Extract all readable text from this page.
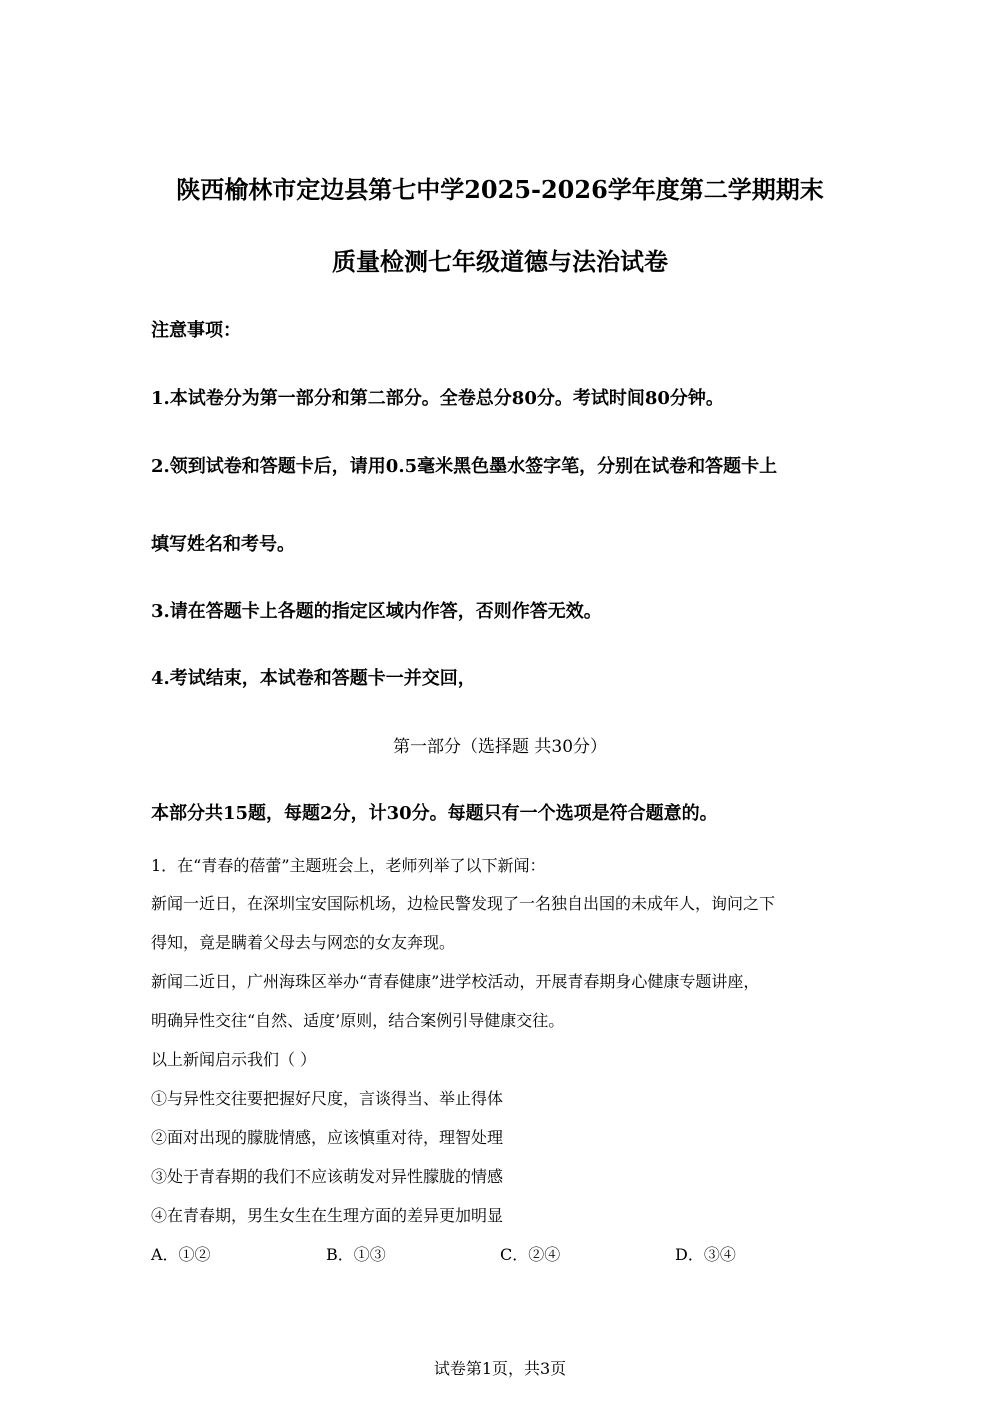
陕西榆林市定边县第七中学2025-2026学年度第二学期期末
质量检测七年级道德与法治试卷
注意事项：
1.本试卷分为第一部分和第二部分。全卷总分80分。考试时间80分钟。
2.领到试卷和答题卡后，请用0.5毫米黑色墨水签字笔，分别在试卷和答题卡上
填写姓名和考号。
3.请在答题卡上各题的指定区域内作答，否则作答无效。
4.考试结束，本试卷和答题卡一并交回，
第一部分（选择题 共30分）
本部分共15题，每题2分，计30分。每题只有一个选项是符合题意的。
1．在“青春的蓓蕾”主题班会上，老师列举了以下新闻：
新闻一近日，在深圳宝安国际机场，边检民警发现了一名独自出国的未成年人，询问之下
得知，竟是瞒着父母去与网恋的女友奔现。
新闻二近日，广州海珠区举办“青春健康”进学校活动，开展青春期身心健康专题讲座，
明确异性交往“自然、适度’原则，结合案例引导健康交往。
以上新闻启示我们（ ）
①与异性交往要把握好尺度，言谈得当、举止得体
②面对出现的朦胧情感，应该慎重对待，理智处理
③处于青春期的我们不应该萌发对异性朦胧的情感
④在青春期，男生女生在生理方面的差异更加明显
A．①②	B．①③	C．②④	D．③④
试卷第1页，共3页
